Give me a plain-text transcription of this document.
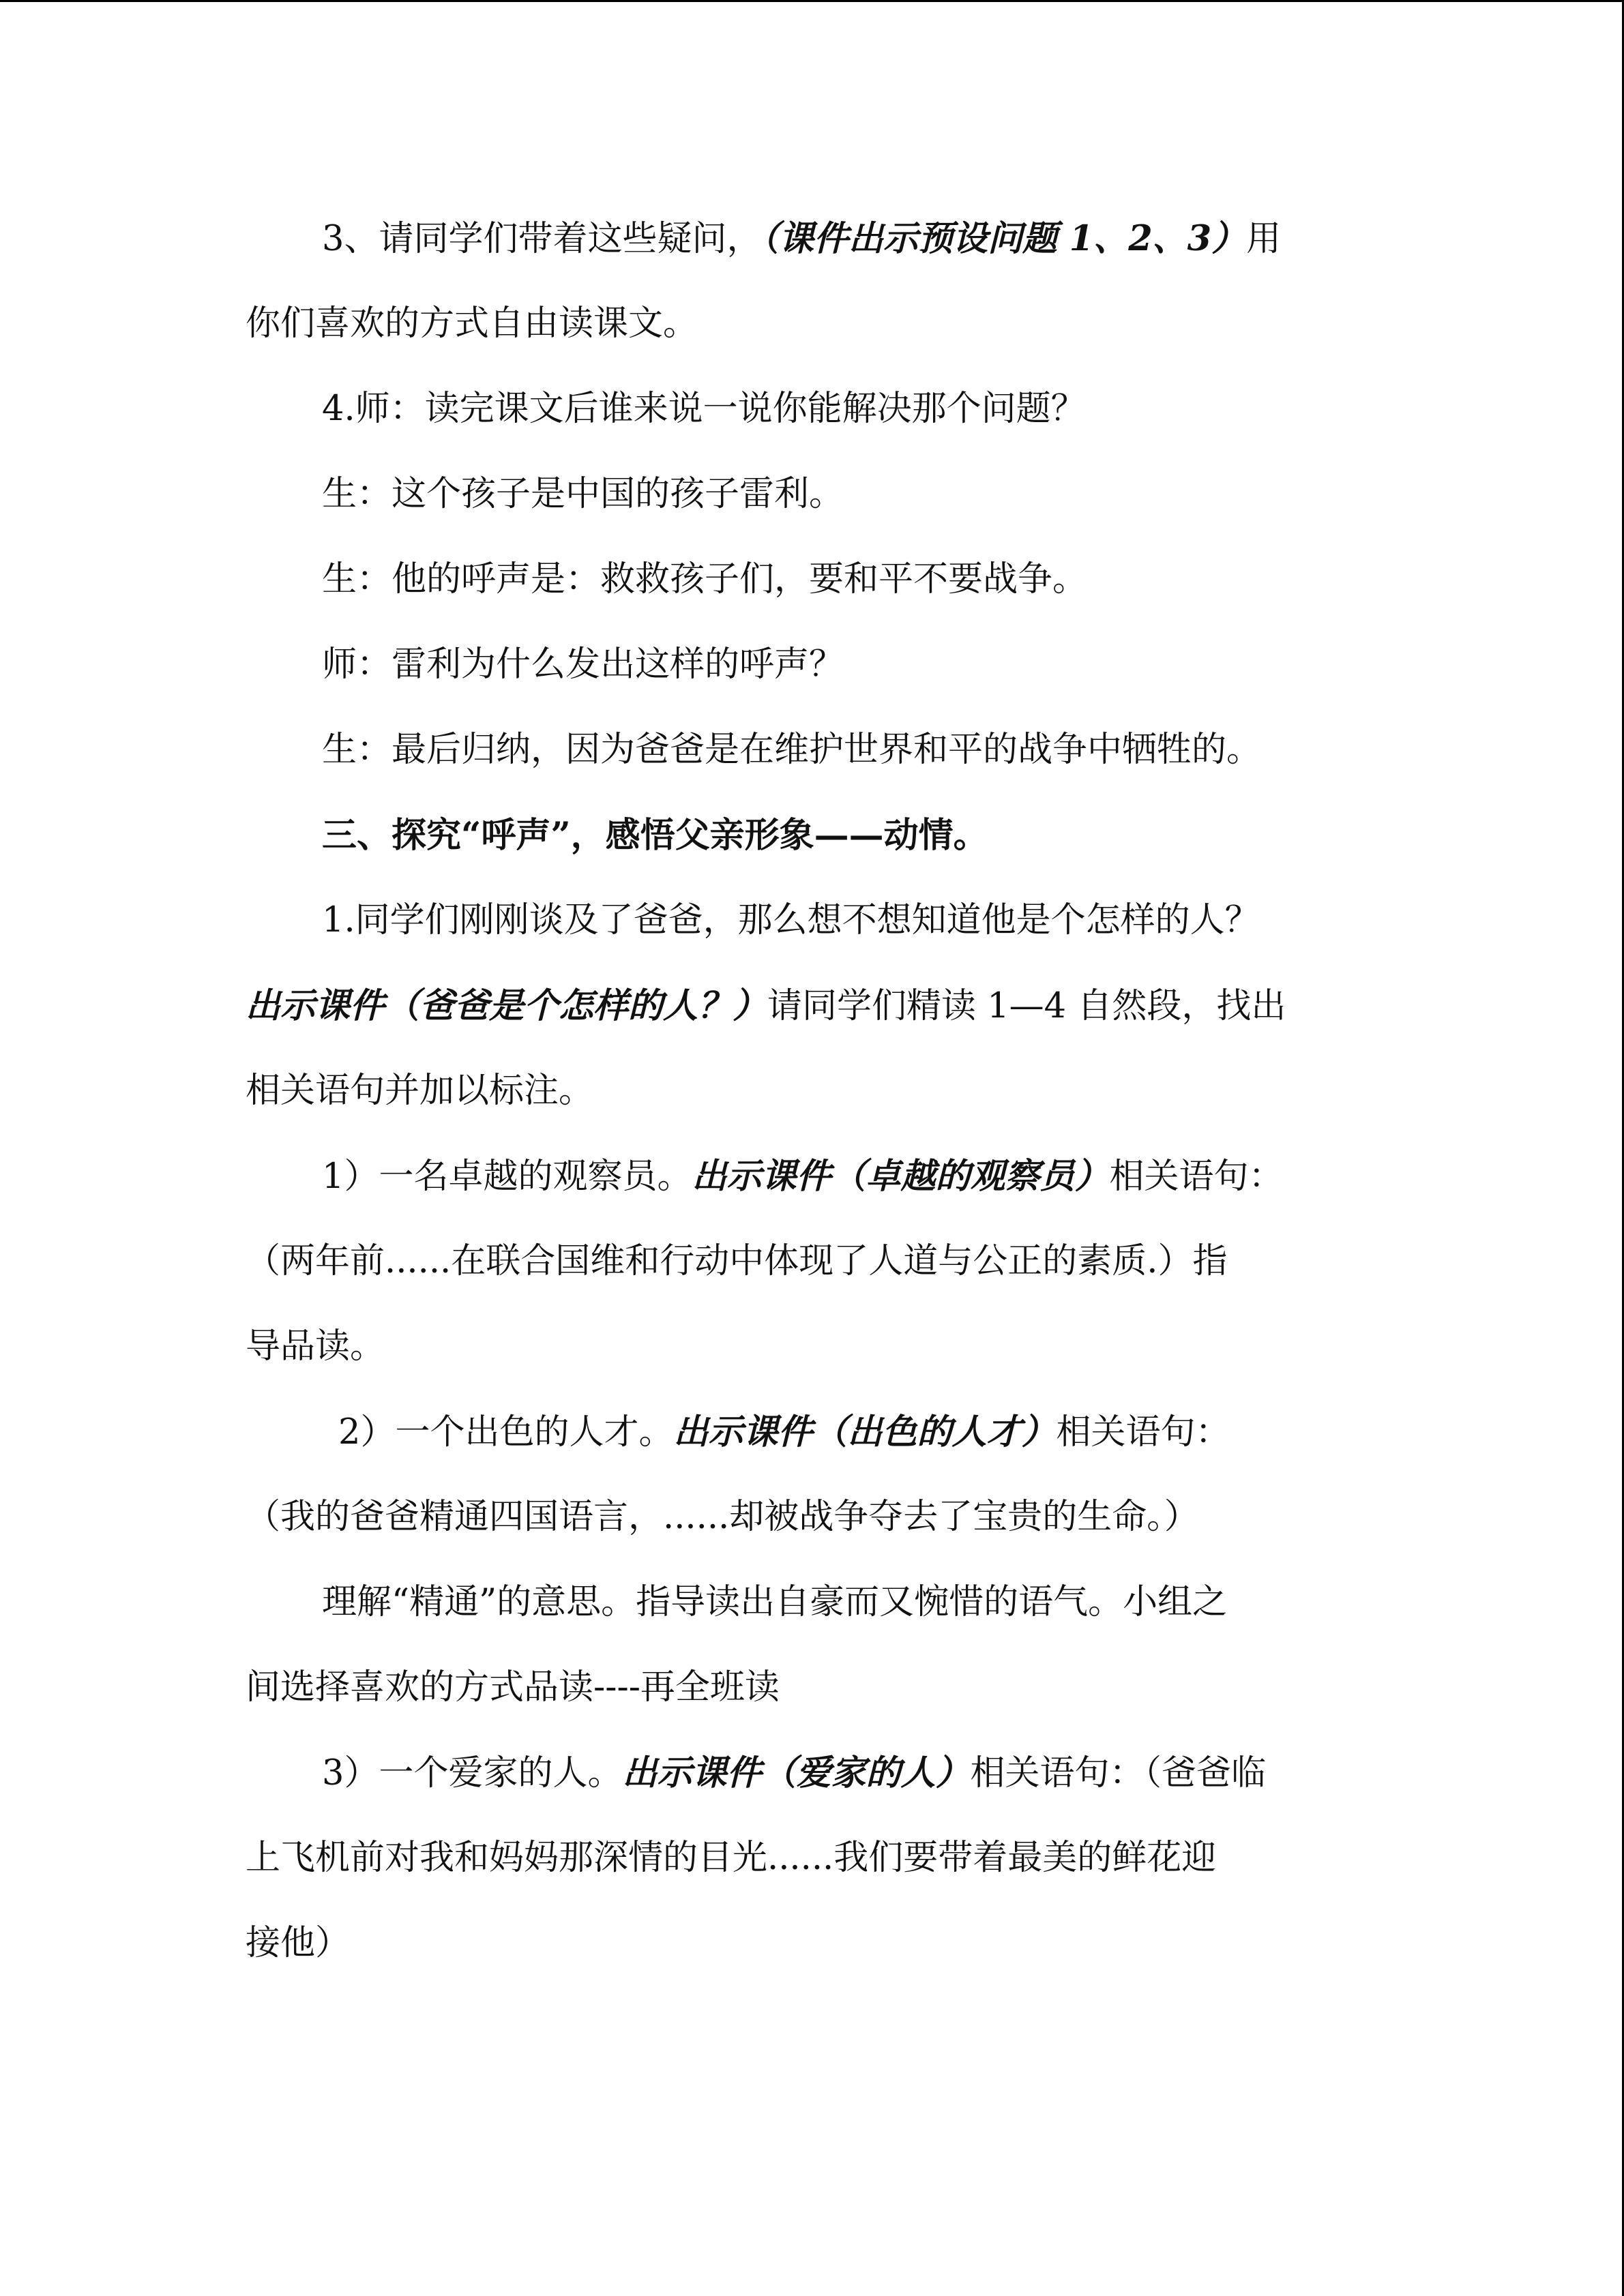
3、请同学们带着这些疑问，（课件出示预设问题 1、2、3）用
你们喜欢的方式自由读课文。
4.师：读完课文后谁来说一说你能解决那个问题？
生：这个孩子是中国的孩子雷利。
生：他的呼声是：救救孩子们，要和平不要战争。
师：雷利为什么发出这样的呼声？
生：最后归纳，因为爸爸是在维护世界和平的战争中牺牲的。
三、探究“呼声”，感悟父亲形象——动情。
1.同学们刚刚谈及了爸爸，那么想不想知道他是个怎样的人？
出示课件（爸爸是个怎样的人？）请同学们精读 1—4 自然段，找出
相关语句并加以标注。
1）一名卓越的观察员。出示课件（卓越的观察员）相关语句：
（两年前......在联合国维和行动中体现了人道与公正的素质.）指
导品读。
2）一个出色的人才。出示课件（出色的人才）相关语句：
（我的爸爸精通四国语言，......却被战争夺去了宝贵的生命。）
理解“精通”的意思。指导读出自豪而又惋惜的语气。小组之
间选择喜欢的方式品读----再全班读
3）一个爱家的人。出示课件（爱家的人）相关语句：（爸爸临
上飞机前对我和妈妈那深情的目光......我们要带着最美的鲜花迎
接他）
